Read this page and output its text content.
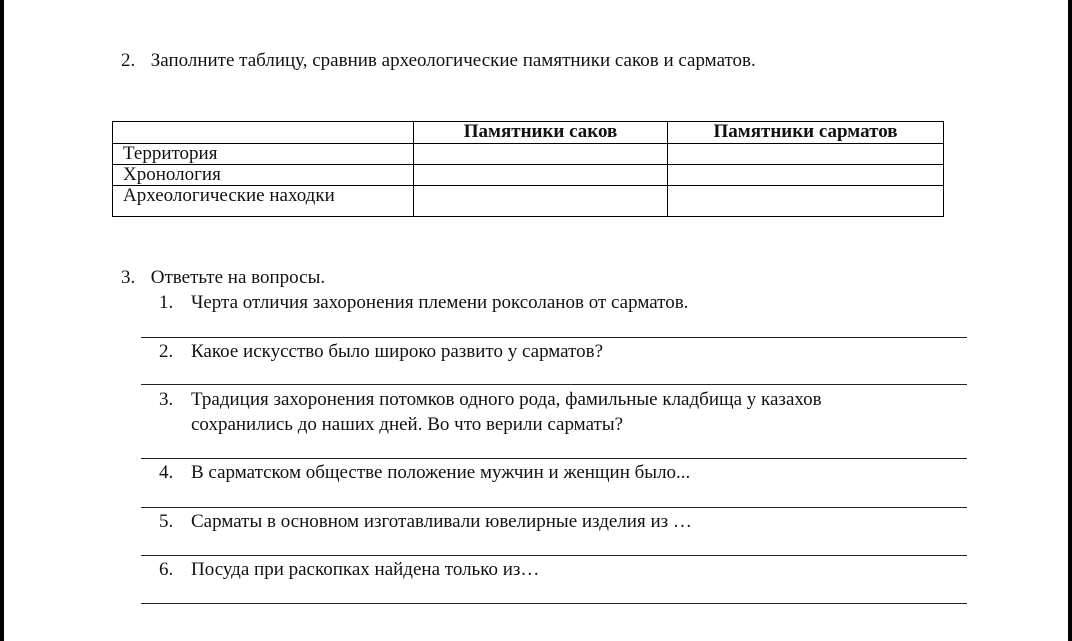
2. Заполните таблицу, сравнив археологические памятники саков и сарматов.
	Памятники саков	Памятники сарматов
Территория		
Хронология		
Археологические находки		
3. Ответьте на вопросы.
1. Черта отличия захоронения племени роксоланов от сарматов.
2. Какое искусство было широко развито у сарматов?
3. Традиция захоронения потомков одного рода, фамильные кладбища у казахов
сохранились до наших дней. Во что верили сарматы?
4. В сарматском обществе положение мужчин и женщин было...
5. Сарматы в основном изготавливали ювелирные изделия из …
6. Посуда при раскопках найдена только из…
